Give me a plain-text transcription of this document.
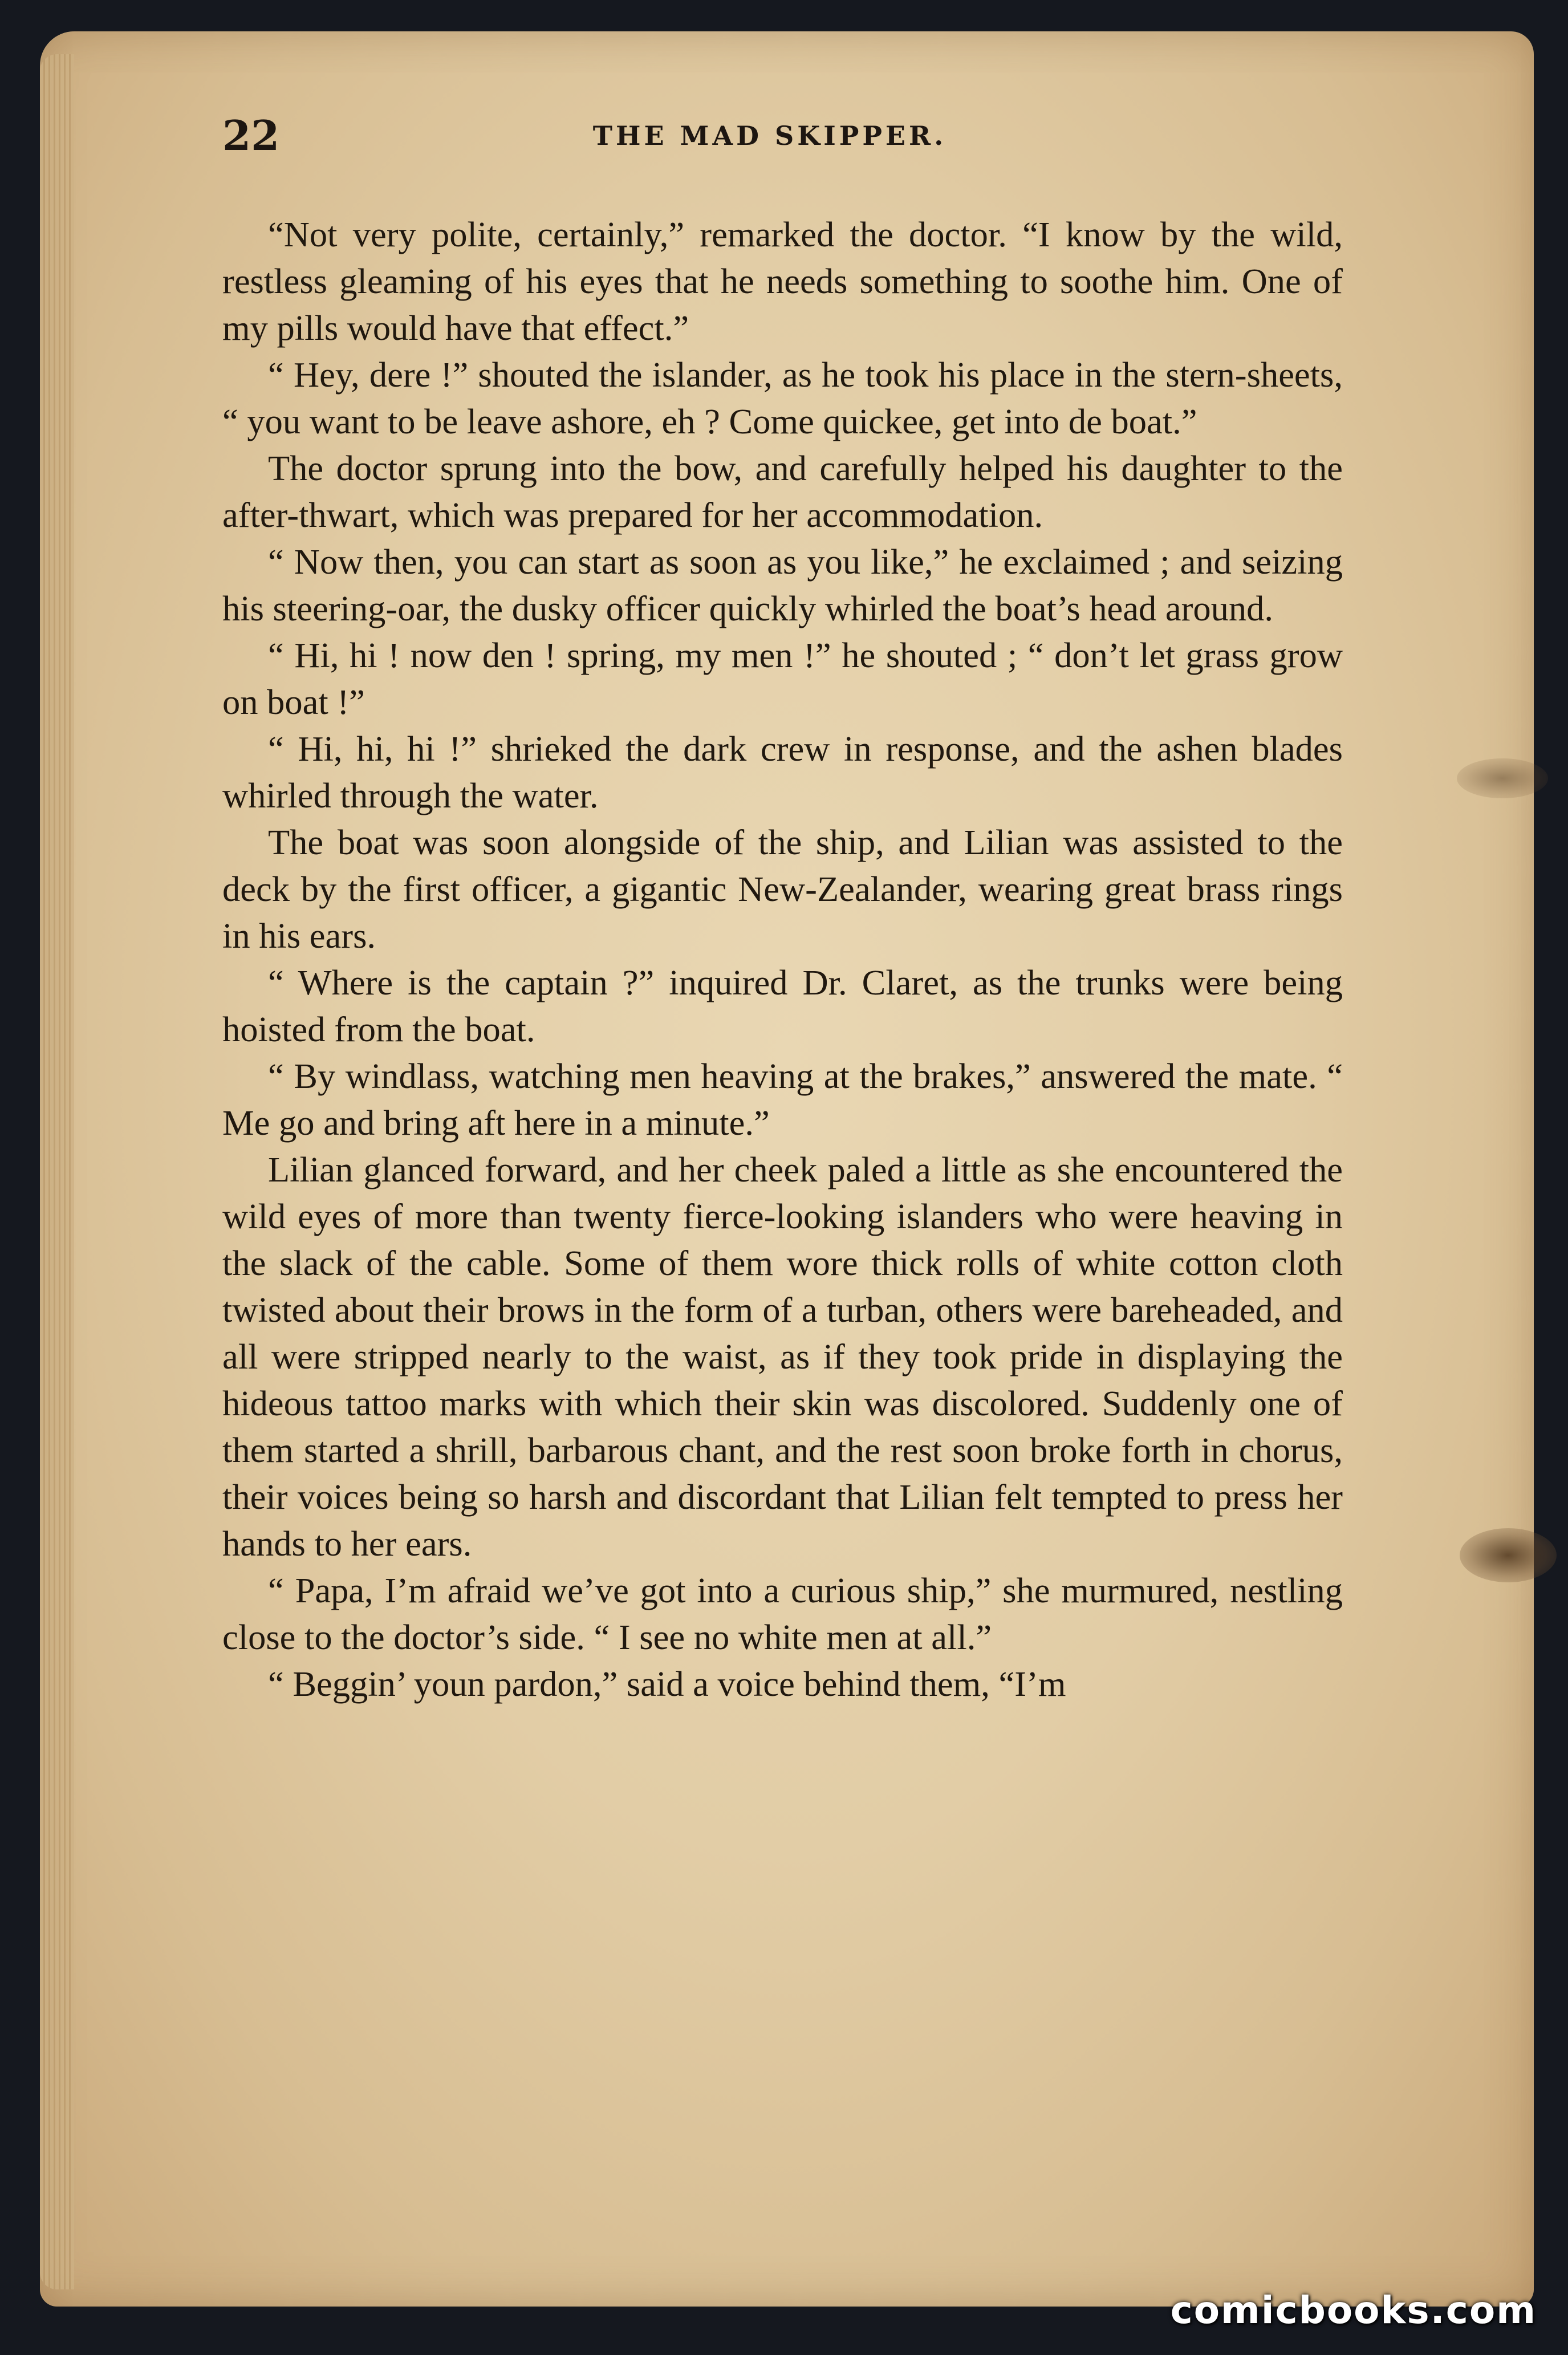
22	THE MAD SKIPPER.

“Not very polite, certainly,” remarked the doctor. “I know by the wild, restless gleaming of his eyes that he needs something to soothe him. One of my pills would have that effect.”

“ Hey, dere !” shouted the islander, as he took his place in the stern-sheets, “ you want to be leave ashore, eh ? Come quickee, get into de boat.”

The doctor sprung into the bow, and carefully helped his daughter to the after-thwart, which was prepared for her accommodation.

“ Now then, you can start as soon as you like,” he exclaimed ; and seizing his steering-oar, the dusky officer quickly whirled the boat’s head around.

“ Hi, hi ! now den ! spring, my men !” he shouted ; “ don’t let grass grow on boat !”

“ Hi, hi, hi !” shrieked the dark crew in response, and the ashen blades whirled through the water.

The boat was soon alongside of the ship, and Lilian was assisted to the deck by the first officer, a gigantic New-Zealander, wearing great brass rings in his ears.

“ Where is the captain ?” inquired Dr. Claret, as the trunks were being hoisted from the boat.

“ By windlass, watching men heaving at the brakes,” answered the mate. “ Me go and bring aft here in a minute.”

Lilian glanced forward, and her cheek paled a little as she encountered the wild eyes of more than twenty fierce-looking islanders who were heaving in the slack of the cable. Some of them wore thick rolls of white cotton cloth twisted about their brows in the form of a turban, others were bareheaded, and all were stripped nearly to the waist, as if they took pride in displaying the hideous tattoo marks with which their skin was discolored. Suddenly one of them started a shrill, barbarous chant, and the rest soon broke forth in chorus, their voices being so harsh and discordant that Lilian felt tempted to press her hands to her ears.

“ Papa, I’m afraid we’ve got into a curious ship,” she murmured, nestling close to the doctor’s side. “ I see no white men at all.”

“ Beggin’ youn pardon,” said a voice behind them, “I’m

comicbooks.com
